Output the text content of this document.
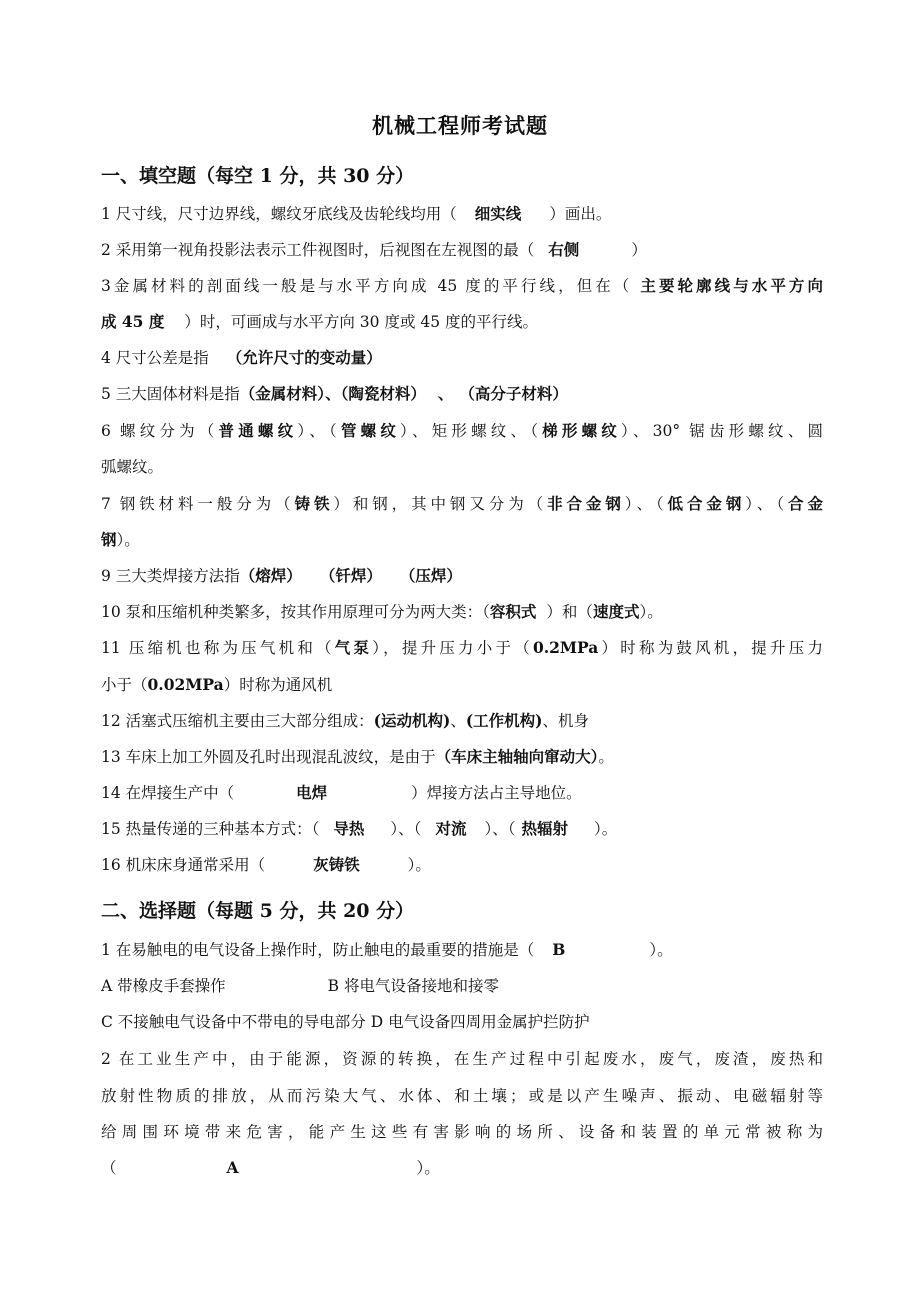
机械工程师考试题
一、填空题（每空 1 分，共 30 分）
1 尺寸线，尺寸边界线，螺纹牙底线及齿轮线均用（ 细实线 ）画出。
2 采用第一视角投影法表示工件视图时，后视图在左视图的最（ 右侧	）
3金属材料的剖面线一般是与水平方向成 45 度的平行线，但在（ 主要轮廓线与水平方向
成 45 度 ）时，可画成与水平方向 30 度或 45 度的平行线。
4 尺寸公差是指 （允许尺寸的变动量）
5 三大固体材料是指（金属材料）、（陶瓷材料） 、 （高分子材料）
6 螺纹分为（普通螺纹）、（管螺纹）、矩形螺纹、（梯形螺纹）、30° 锯齿形螺纹、圆
弧螺纹。
7 钢铁材料一般分为（铸铁）和钢，其中钢又分为（非合金钢）、（低合金钢）、（合金
钢）。
9 三大类焊接方法指（熔焊） （钎焊） （压焊）
10 泵和压缩机种类繁多，按其作用原理可分为两大类：（容积式 ）和（速度式）。
11 压缩机也称为压气机和（气泵），提升压力小于（0.2MPa）时称为鼓风机，提升压力
小于（0.02MPa）时称为通风机
12 活塞式压缩机主要由三大部分组成：(运动机构)、(工作机构)、机身
13 车床上加工外圆及孔时出现混乱波纹，是由于（车床主轴轴向窜动大）。
14 在焊接生产中（	电焊	）焊接方法占主导地位。
15 热量传递的三种基本方式：（ 导热 ）、（ 对流 ）、（ 热辐射 ）。
16 机床床身通常采用（	灰铸铁	）。
二、选择题（每题 5 分，共 20 分）
1 在易触电的电气设备上操作时，防止触电的最重要的措施是（ B	）。
A 带橡皮手套操作	B 将电气设备接地和接零
C 不接触电气设备中不带电的导电部分 D 电气设备四周用金属护拦防护
2 在工业生产中，由于能源，资源的转换，在生产过程中引起废水，废气，废渣，废热和
放射性物质的排放，从而污染大气、水体、和土壤；或是以产生噪声、振动、电磁辐射等
给周围环境带来危害，能产生这些有害影响的场所、设备和装置的单元常被称为
（	A	）。
